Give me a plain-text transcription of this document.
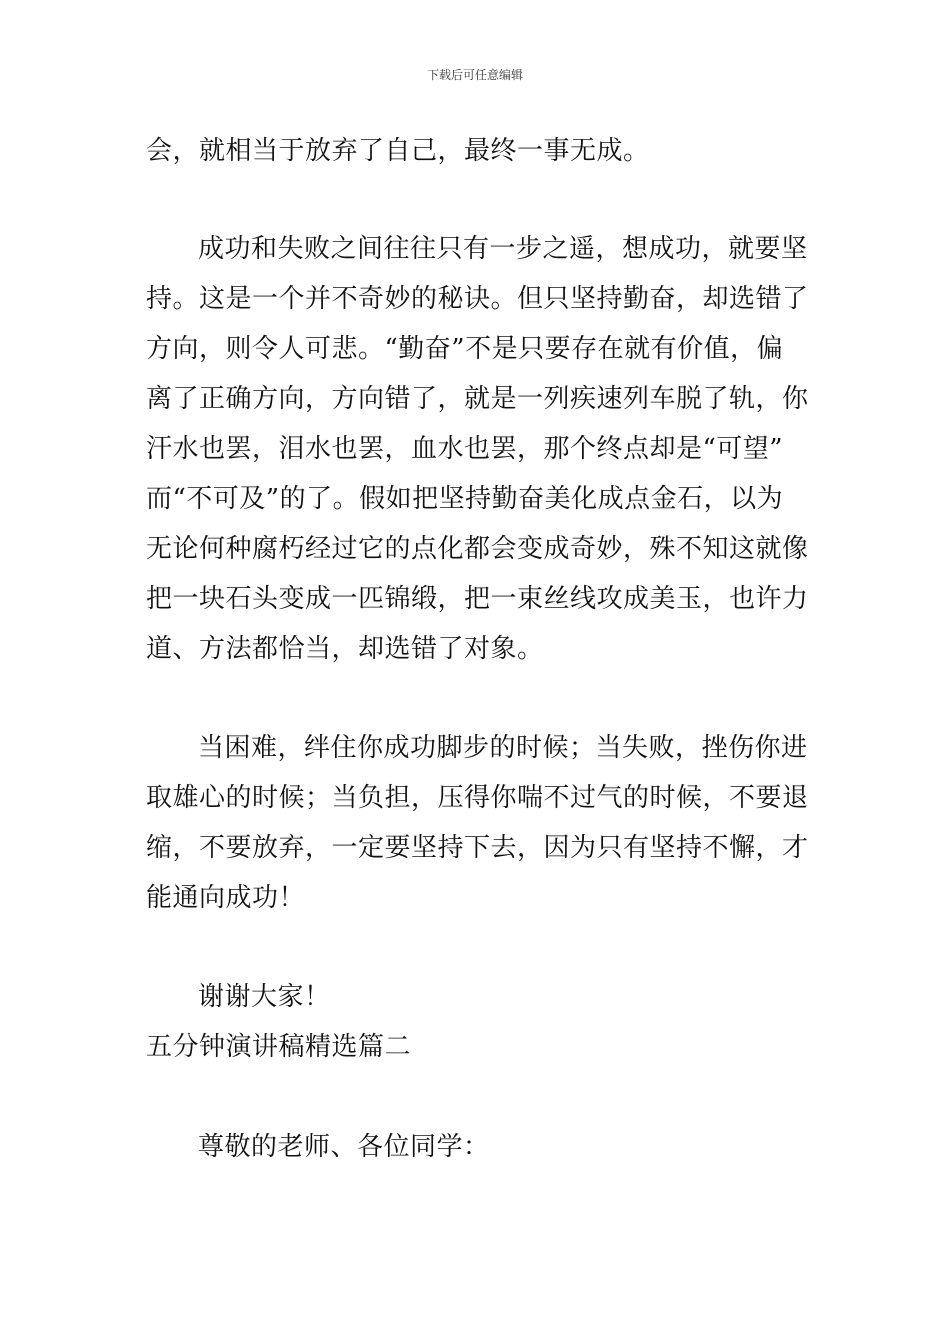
下载后可任意编辑
会，就相当于放弃了自己，最终一事无成。
成功和失败之间往往只有一步之遥，想成功，就要坚
持。这是一个并不奇妙的秘诀。但只坚持勤奋，却选错了
方向，则令人可悲。“勤奋”不是只要存在就有价值，偏
离了正确方向，方向错了，就是一列疾速列车脱了轨，你
汗水也罢，泪水也罢，血水也罢，那个终点却是“可望”
而“不可及”的了。假如把坚持勤奋美化成点金石，以为
无论何种腐朽经过它的点化都会变成奇妙，殊不知这就像
把一块石头变成一匹锦缎，把一束丝线攻成美玉，也许力
道、方法都恰当，却选错了对象。
当困难，绊住你成功脚步的时候；当失败，挫伤你进
取雄心的时候；当负担，压得你喘不过气的时候，不要退
缩，不要放弃，一定要坚持下去，因为只有坚持不懈，才
能通向成功！
谢谢大家！
五分钟演讲稿精选篇二
尊敬的老师、各位同学：
